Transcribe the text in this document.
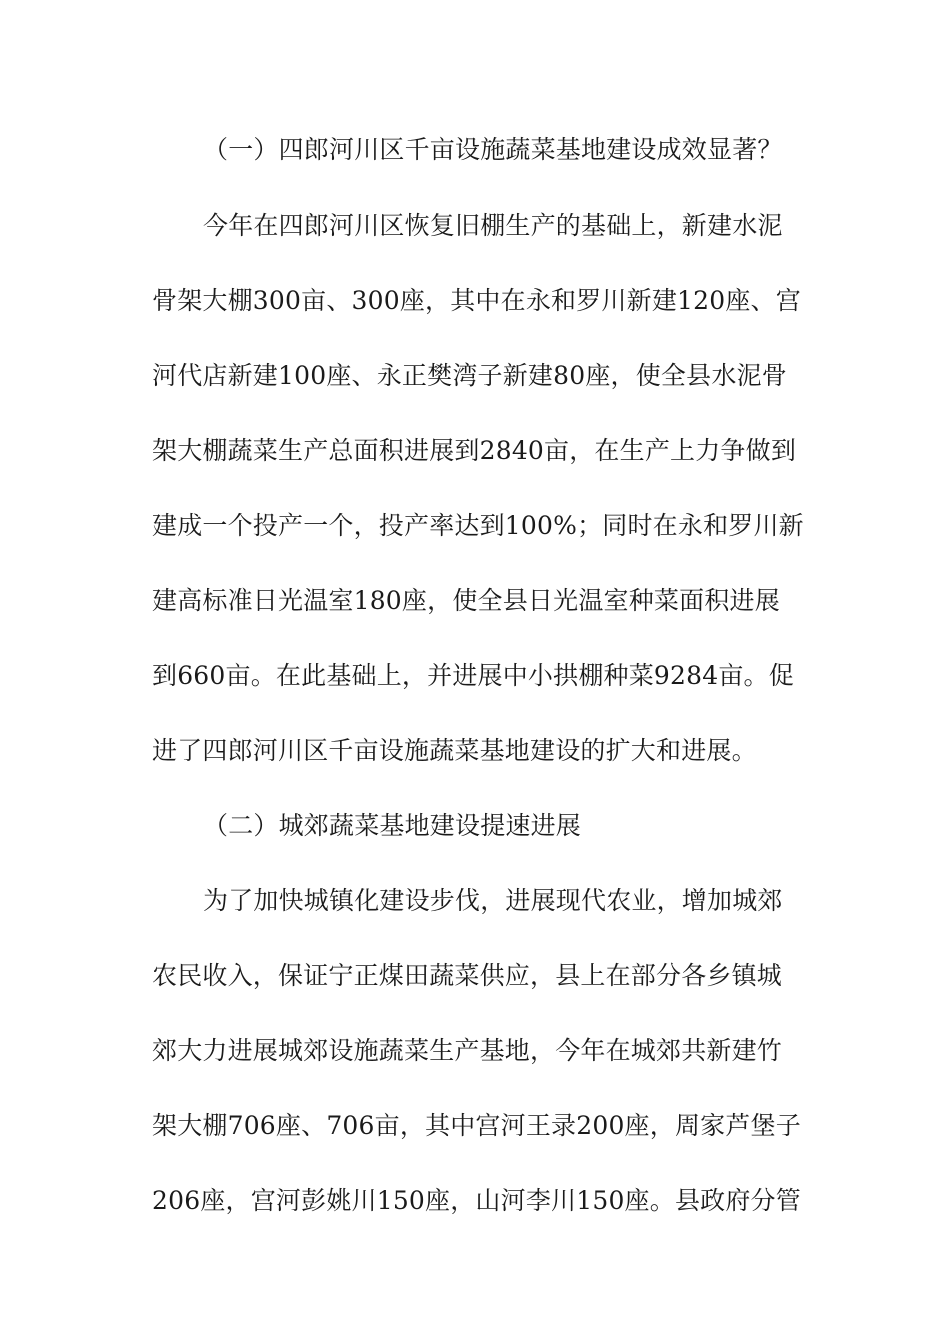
（一）四郎河川区千亩设施蔬菜基地建设成效显著？
今年在四郎河川区恢复旧棚生产的基础上，新建水泥
骨架大棚300亩、300座，其中在永和罗川新建120座、宫
河代店新建100座、永正樊湾子新建80座，使全县水泥骨
架大棚蔬菜生产总面积进展到2840亩，在生产上力争做到
建成一个投产一个，投产率达到100%；同时在永和罗川新
建高标准日光温室180座，使全县日光温室种菜面积进展
到660亩。在此基础上，并进展中小拱棚种菜9284亩。促
进了四郎河川区千亩设施蔬菜基地建设的扩大和进展。
（二）城郊蔬菜基地建设提速进展
为了加快城镇化建设步伐，进展现代农业，增加城郊
农民收入，保证宁正煤田蔬菜供应，县上在部分各乡镇城
郊大力进展城郊设施蔬菜生产基地，今年在城郊共新建竹
架大棚706座、706亩，其中宫河王录200座，周家芦堡子
206座，宫河彭姚川150座，山河李川150座。县政府分管
